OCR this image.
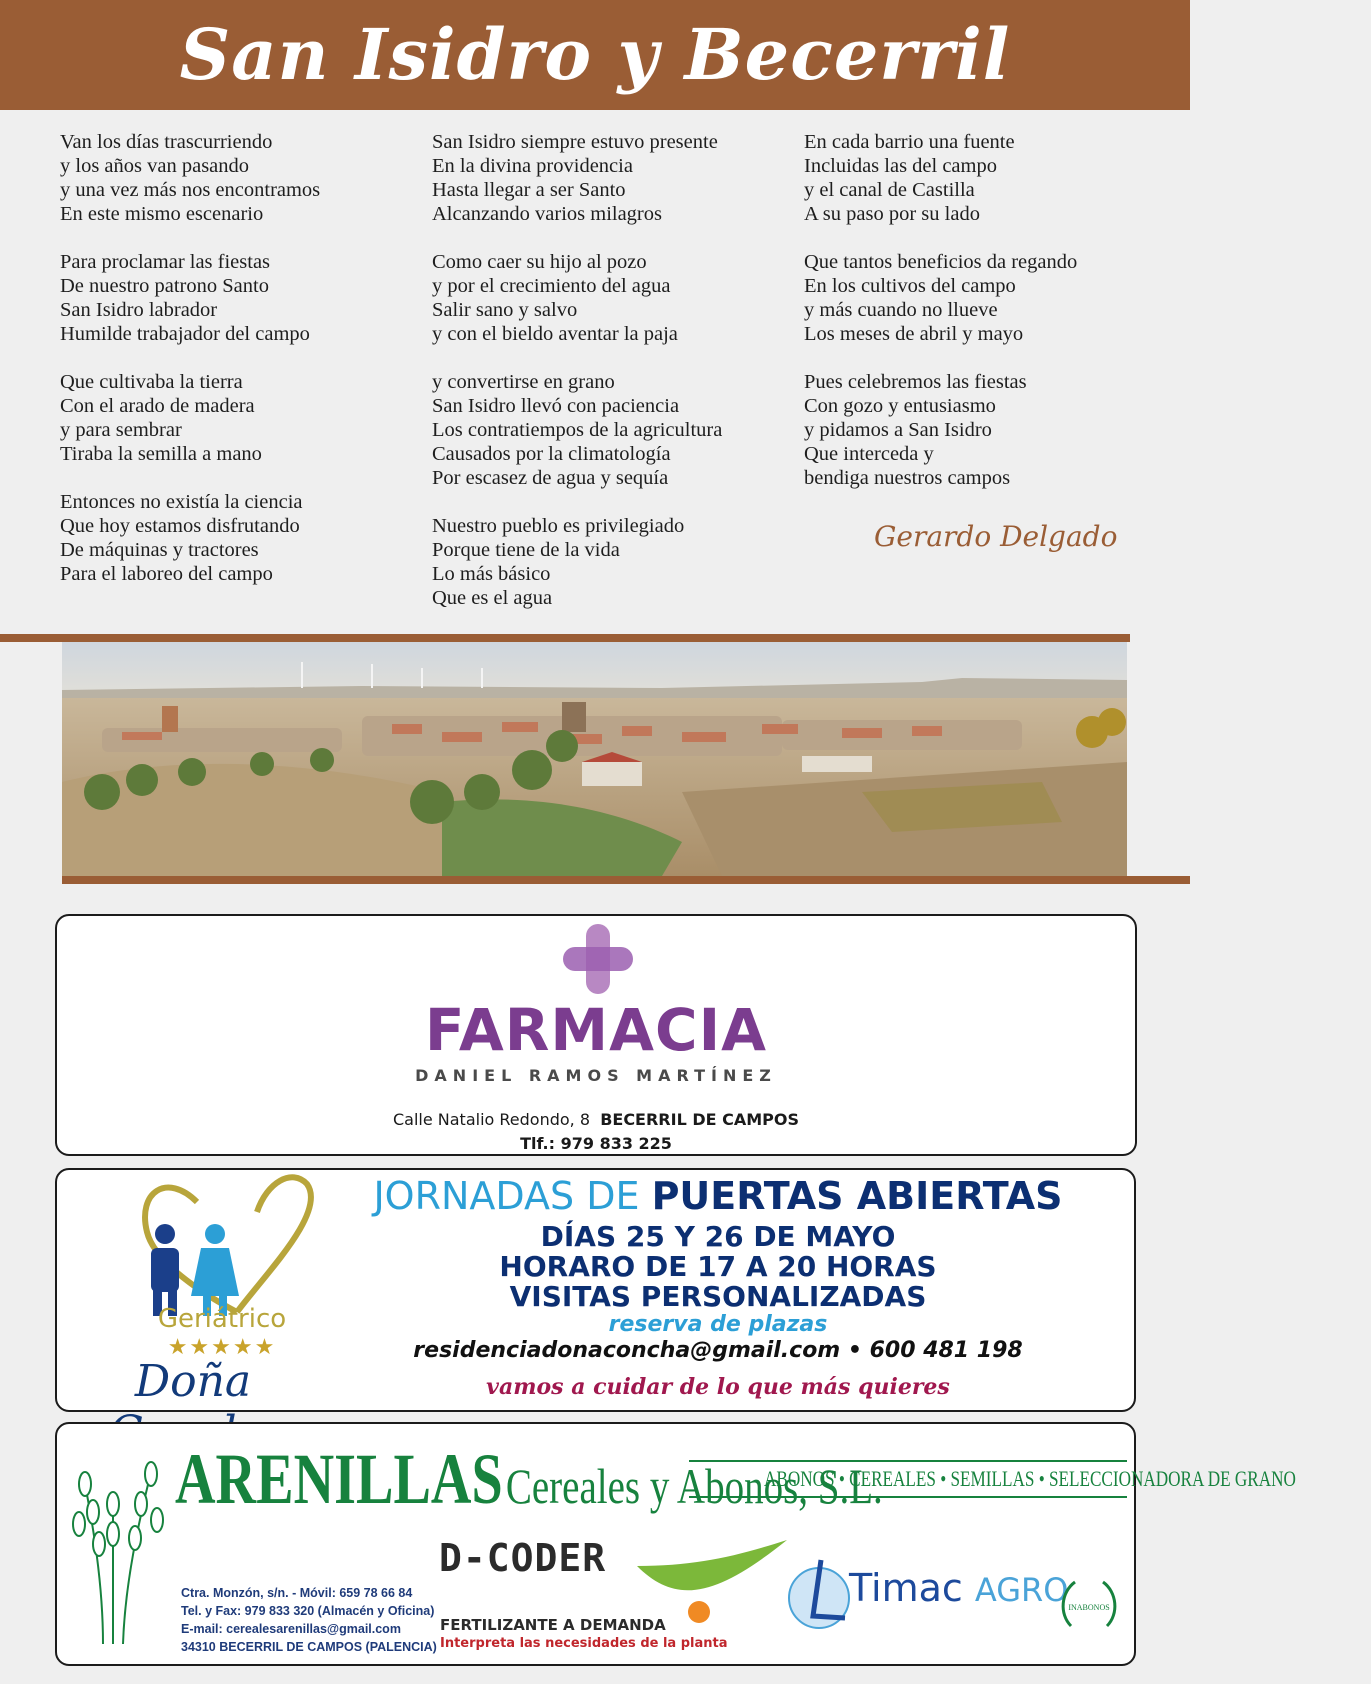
San Isidro y Becerril
Van los días trascurriendo
y los años van pasando
y una vez más nos encontramos
En este mismo escenario
Para proclamar las fiestas
De nuestro patrono Santo
San Isidro labrador
Humilde trabajador del campo
Que cultivaba la tierra
Con el arado de madera
y para sembrar
Tiraba la semilla a mano
Entonces no existía la ciencia
Que hoy estamos disfrutando
De máquinas y tractores
Para el laboreo del campo
San Isidro siempre estuvo presente
En la divina providencia
Hasta llegar a ser Santo
Alcanzando varios milagros
Como caer su hijo al pozo
y por el crecimiento del agua
Salir sano y salvo
y con el bieldo aventar la paja
y convertirse en grano
San Isidro llevó con paciencia
Los contratiempos de la agricultura
Causados por la climatología
Por escasez de agua y sequía
Nuestro pueblo es privilegiado
Porque tiene de la vida
Lo más básico
Que es el agua
En cada barrio una fuente
Incluidas las del campo
y el canal de Castilla
A su paso por su lado
Que tantos beneficios da regando
En los cultivos del campo
y más cuando no llueve
Los meses de abril y mayo
Pues celebremos las fiestas
Con gozo y entusiasmo
y pidamos a San Isidro
Que interceda y
bendiga nuestros campos
Gerardo Delgado
FARMACIA
DANIEL RAMOS MARTÍNEZ
Calle Natalio Redondo, 8 BECERRIL DE CAMPOS
Tlf.: 979 833 225
Geriátrico
★★★★★
Doña
JORNADAS DE PUERTAS ABIERTAS
DÍAS 25 Y 26 DE MAYO
HORARO DE 17 A 20 HORAS
VISITAS PERSONALIZADAS
reserva de plazas
residenciadonaconcha@gmail.com • 600 481 198
vamos a cuidar de lo que más quieres
ARENILLAS Cereales y Abonos, S.L.
ABONOS • CEREALES • SEMILLAS • SELECCIONADORA DE GRANO
Ctra. Monzón, s/n. - Móvil: 659 78 66 84
Tel. y Fax: 979 833 320 (Almacén y Oficina)
E-mail: cerealesarenillas@gmail.com
34310 BECERRIL DE CAMPOS (PALENCIA)
D-CODER
FERTILIZANTE A DEMANDA
Interpreta las necesidades de la planta
Timac AGRO INABONOS
